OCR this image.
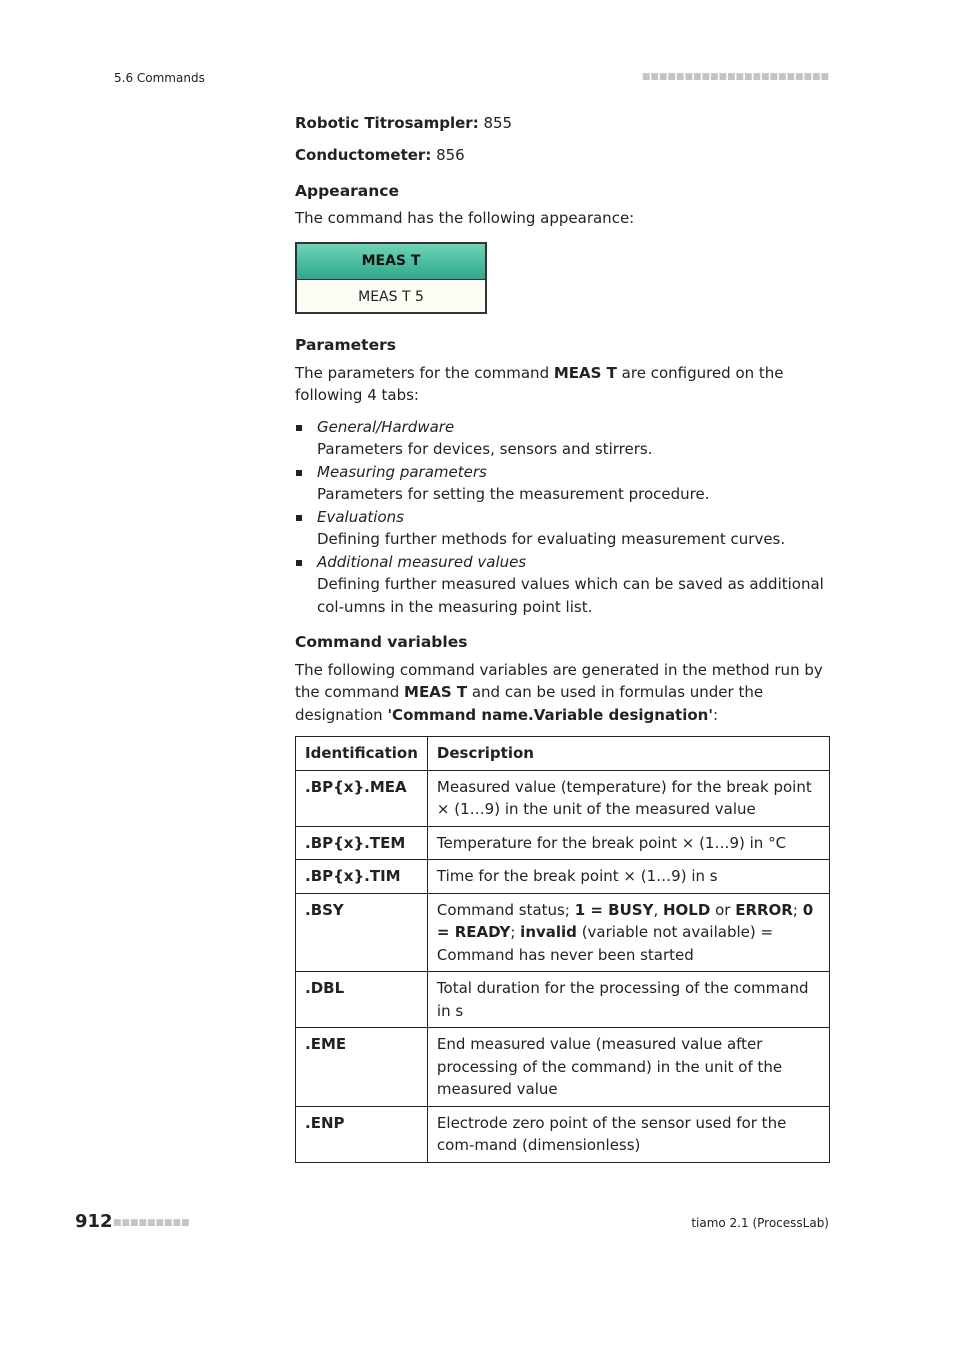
5.6 Commands	■■■■■■■■■■■■■■■■■■■■■■

Robotic Titrosampler: 855

Conductometer: 856

Appearance

The command has the following appearance:

MEAS T
MEAS T 5
Parameters

The parameters for the command MEAS T are configured on the following 4 tabs:

General/Hardware
Parameters for devices, sensors and stirrers.
Measuring parameters
Parameters for setting the measurement procedure.
Evaluations
Defining further methods for evaluating measurement curves.
Additional measured values
Defining further measured values which can be saved as additional col-umns in the measuring point list.
Command variables

The following command variables are generated in the method run by the command MEAS T and can be used in formulas under the designation 'Command name.Variable designation':

Identification	Description
.BP{x}.MEA	Measured value (temperature) for the break point × (1…9) in the unit of the measured value
.BP{x}.TEM	Temperature for the break point × (1…9) in °C
.BP{x}.TIM	Time for the break point × (1…9) in s
.BSY	Command status; 1 = BUSY, HOLD or ERROR; 0 = READY; invalid (variable not available) = Command has never been started
.DBL	Total duration for the processing of the command in s
.EME	End measured value (measured value after processing of the command) in the unit of the measured value
.ENP	Electrode zero point of the sensor used for the com-mand (dimensionless)
912 ■■■■■■■■■	tiamo 2.1 (ProcessLab)
